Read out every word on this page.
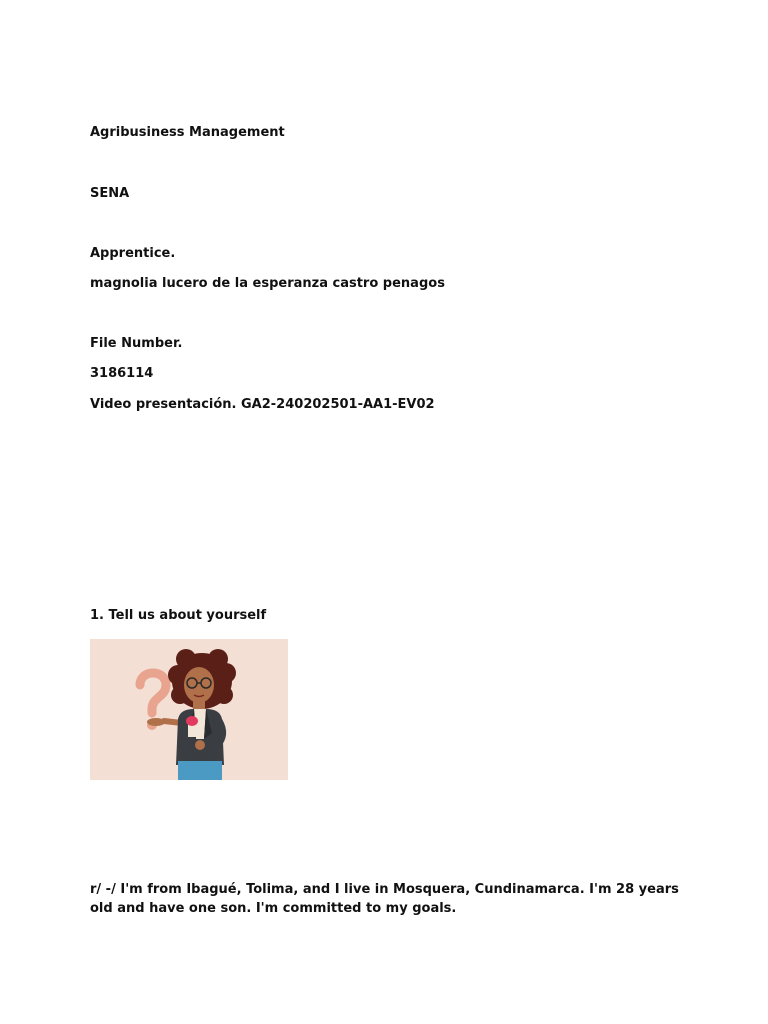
Agribusiness Management
SENA
Apprentice.
magnolia lucero de la esperanza castro penagos
File Number.
3186114
Video presentación. GA2-240202501-AA1-EV02
1. Tell us about yourself
r/ -/ I'm from Ibagué, Tolima, and I live in Mosquera, Cundinamarca. I'm 28 years old and have one son. I'm committed to my goals.
